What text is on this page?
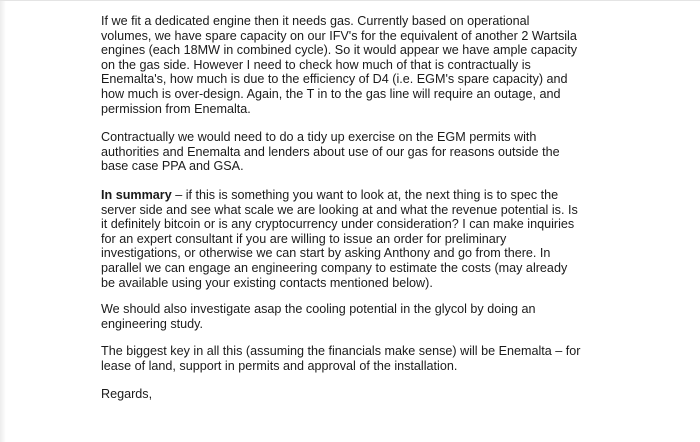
If we fit a dedicated engine then it needs gas. Currently based on operational
volumes, we have spare capacity on our IFV's for the equivalent of another 2 Wartsila
engines (each 18MW in combined cycle). So it would appear we have ample capacity
on the gas side. However I need to check how much of that is contractually is
Enemalta's, how much is due to the efficiency of D4 (i.e. EGM's spare capacity) and
how much is over-design. Again, the T in to the gas line will require an outage, and
permission from Enemalta.

Contractually we would need to do a tidy up exercise on the EGM permits with
authorities and Enemalta and lenders about use of our gas for reasons outside the
base case PPA and GSA.

In summary – if this is something you want to look at, the next thing is to spec the
server side and see what scale we are looking at and what the revenue potential is. Is
it definitely bitcoin or is any cryptocurrency under consideration? I can make inquiries
for an expert consultant if you are willing to issue an order for preliminary
investigations, or otherwise we can start by asking Anthony and go from there. In
parallel we can engage an engineering company to estimate the costs (may already
be available using your existing contacts mentioned below).

We should also investigate asap the cooling potential in the glycol by doing an
engineering study.

The biggest key in all this (assuming the financials make sense) will be Enemalta – for
lease of land, support in permits and approval of the installation.

Regards,
